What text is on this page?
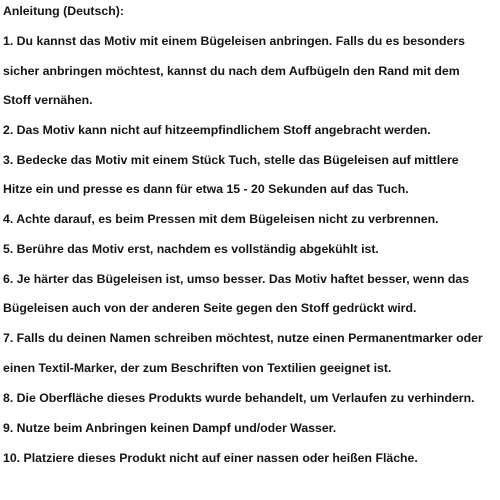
Anleitung (Deutsch):
1. Du kannst das Motiv mit einem Bügeleisen anbringen. Falls du es besonders
sicher anbringen möchtest, kannst du nach dem Aufbügeln den Rand mit dem
Stoff vernähen.
2. Das Motiv kann nicht auf hitzeempfindlichem Stoff angebracht werden.
3. Bedecke das Motiv mit einem Stück Tuch, stelle das Bügeleisen auf mittlere
Hitze ein und presse es dann für etwa 15 - 20 Sekunden auf das Tuch.
4. Achte darauf, es beim Pressen mit dem Bügeleisen nicht zu verbrennen.
5. Berühre das Motiv erst, nachdem es vollständig abgekühlt ist.
6. Je härter das Bügeleisen ist, umso besser. Das Motiv haftet besser, wenn das
Bügeleisen auch von der anderen Seite gegen den Stoff gedrückt wird.
7. Falls du deinen Namen schreiben möchtest, nutze einen Permanentmarker oder
einen Textil-Marker, der zum Beschriften von Textilien geeignet ist.
8. Die Oberfläche dieses Produkts wurde behandelt, um Verlaufen zu verhindern.
9. Nutze beim Anbringen keinen Dampf und/oder Wasser.
10. Platziere dieses Produkt nicht auf einer nassen oder heißen Fläche.
